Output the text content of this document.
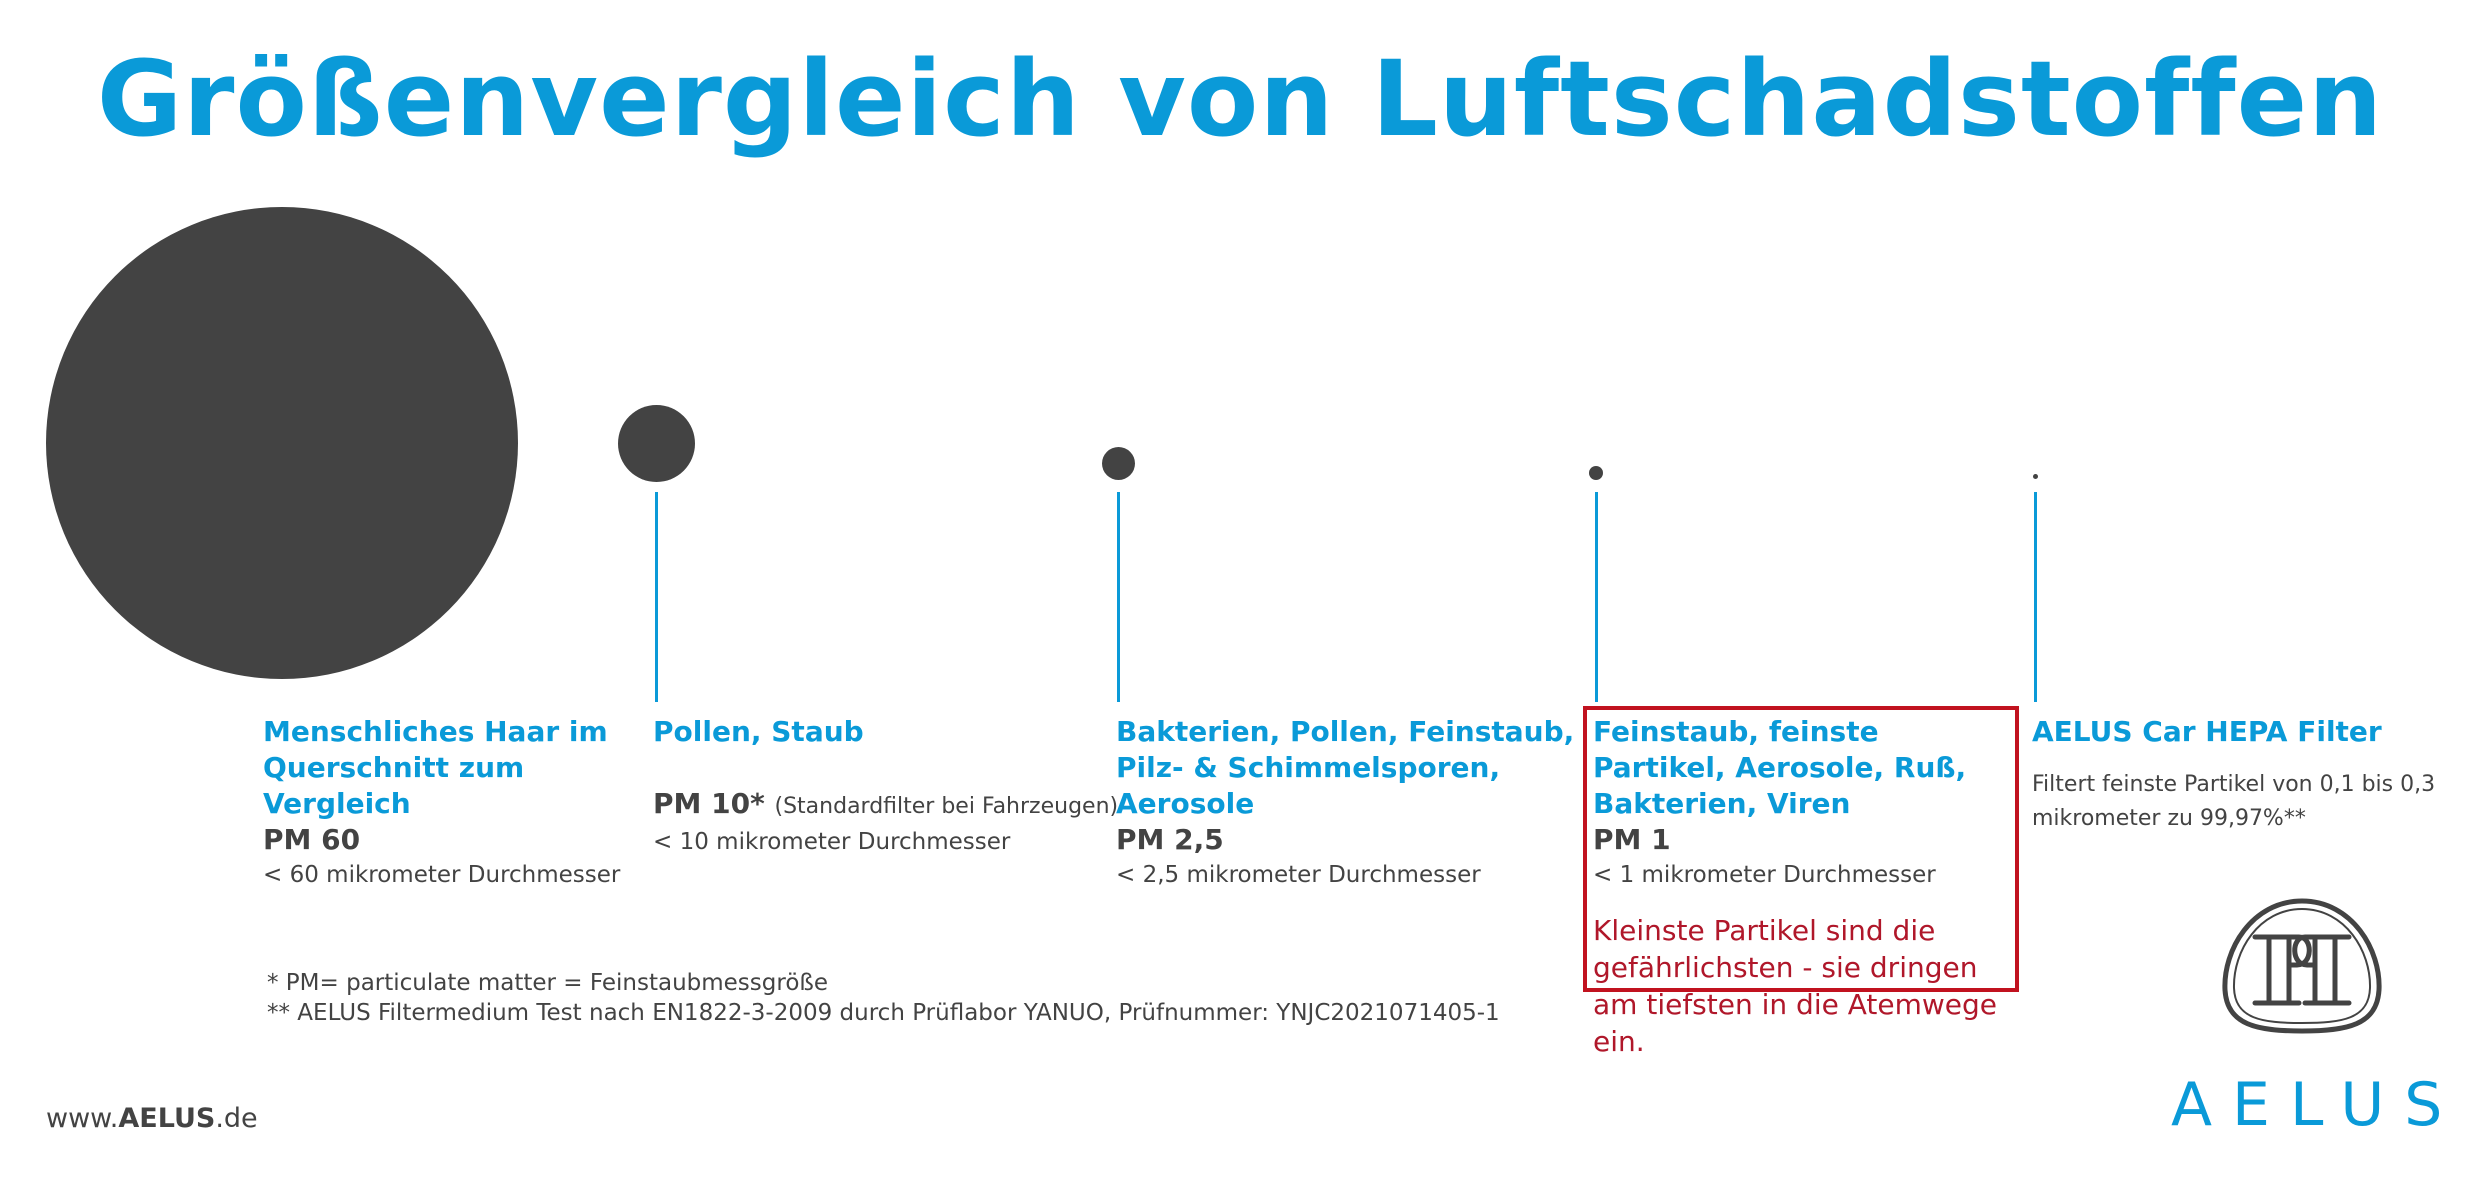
Größenvergleich von Luftschadstoffen
Menschliches Haar im Querschnitt zum Vergleich
PM 60
< 60 mikrometer Durchmesser
Pollen, Staub
PM 10* (Standardfilter bei Fahrzeugen)
< 10 mikrometer Durchmesser
Bakterien, Pollen, Feinstaub, Pilz- & Schimmelsporen, Aerosole
PM 2,5
< 2,5 mikrometer Durchmesser
Feinstaub, feinste Partikel, Aerosole, Ruß, Bakterien, Viren
PM 1
< 1 mikrometer Durchmesser
Kleinste Partikel sind die gefährlichsten - sie dringen am tiefsten in die Atemwege ein.
AELUS Car HEPA Filter
Filtert feinste Partikel von 0,1 bis 0,3 mikrometer zu 99,97%**
* PM= particulate matter = Feinstaubmessgröße
** AELUS Filtermedium Test nach EN1822-3-2009 durch Prüflabor YANUO, Prüfnummer: YNJC2021071405-1
www.AELUS.de	AELUS
